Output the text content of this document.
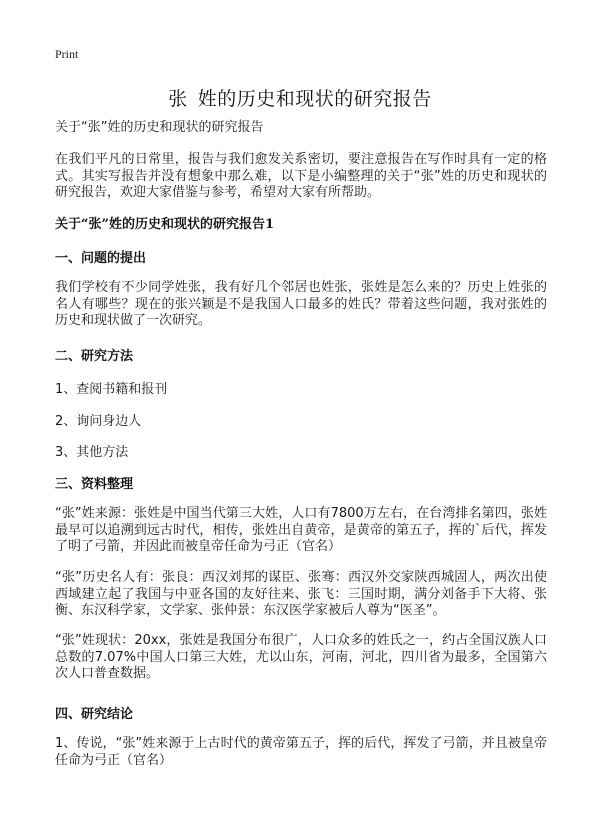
Print
张 姓的历史和现状的研究报告
关于“张”姓的历史和现状的研究报告
在我们平凡的日常里，报告与我们愈发关系密切，要注意报告在写作时具有一定的格式。其实写报告并没有想象中那么难，以下是小编整理的关于“张”姓的历史和现状的研究报告，欢迎大家借鉴与参考，希望对大家有所帮助。
关于“张”姓的历史和现状的研究报告1
一、问题的提出
我们学校有不少同学姓张，我有好几个邻居也姓张，张姓是怎么来的？历史上姓张的名人有哪些？现在的张兴颖是不是我国人口最多的姓氏？带着这些问题，我对张姓的历史和现状做了一次研究。
二、研究方法
1、查阅书籍和报刊
2、询问身边人
3、其他方法
三、资料整理
“张”姓来源：张姓是中国当代第三大姓，人口有7800万左右，在台湾排名第四，张姓最早可以追溯到远古时代，相传，张姓出自黄帝，是黄帝的第五子，挥的`后代，挥发了明了弓箭，并因此而被皇帝任命为弓正（官名）
“张”历史名人有：张良：西汉刘邦的谋臣、张骞：西汉外交家陕西城固人，两次出使西域建立起了我国与中亚各国的友好往来、张飞：三国时期，满分刘备手下大将、张衡、东汉科学家，文学家、张仲景：东汉医学家被后人尊为“医圣”。
“张”姓现状：20xx，张姓是我国分布很广，人口众多的姓氏之一，约占全国汉族人口总数的7.07%中国人口第三大姓，尤以山东，河南，河北，四川省为最多，全国第六次人口普查数据。
四、研究结论
1、传说，“张”姓来源于上古时代的黄帝第五子，挥的后代，挥发了弓箭，并且被皇帝任命为弓正（官名）
